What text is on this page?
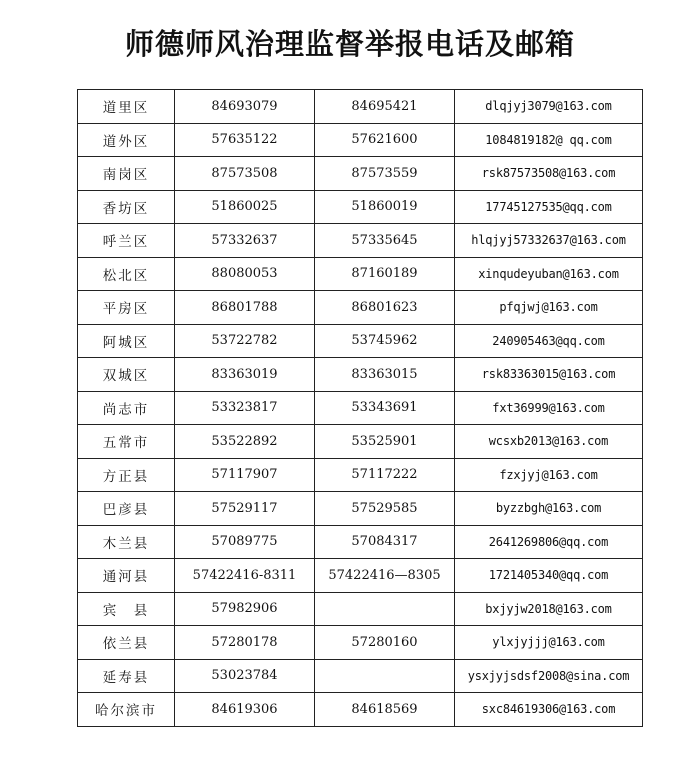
师德师风治理监督举报电话及邮箱
道里区	84693079	84695421	dlqjyj3079@163.com
道外区	57635122	57621600	1084819182@ qq.com
南岗区	87573508	87573559	rsk87573508@163.com
香坊区	51860025	51860019	17745127535@qq.com
呼兰区	57332637	57335645	hlqjyj57332637@163.com
松北区	88080053	87160189	xinqudeyuban@163.com
平房区	86801788	86801623	pfqjwj@163.com
阿城区	53722782	53745962	240905463@qq.com
双城区	83363019	83363015	rsk83363015@163.com
尚志市	53323817	53343691	fxt36999@163.com
五常市	53522892	53525901	wcsxb2013@163.com
方正县	57117907	57117222	fzxjyj@163.com
巴彦县	57529117	57529585	byzzbgh@163.com
木兰县	57089775	57084317	2641269806@qq.com
通河县	57422416-8311	57422416—8305	1721405340@qq.com
宾　县	57982906		bxjyjw2018@163.com
依兰县	57280178	57280160	ylxjyjjj@163.com
延寿县	53023784		ysxjyjsdsf2008@sina.com
哈尔滨市	84619306	84618569	sxc84619306@163.com
